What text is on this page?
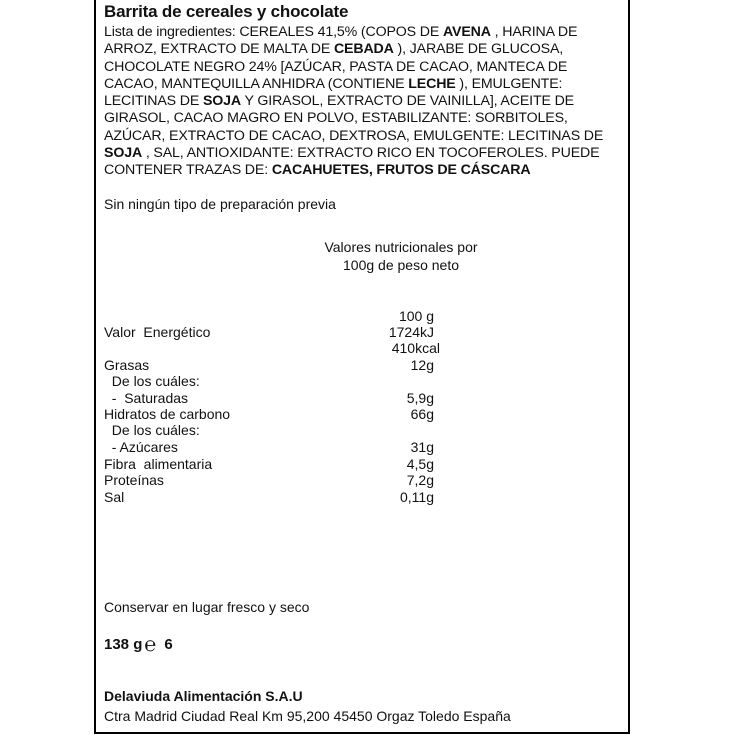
Barrita de cereales y chocolate
Lista de ingredientes: CEREALES 41,5% (COPOS DE AVENA , HARINA DE ARROZ, EXTRACTO DE MALTA DE CEBADA ), JARABE DE GLUCOSA, CHOCOLATE NEGRO 24% [AZÚCAR, PASTA DE CACAO, MANTECA DE CACAO, MANTEQUILLA ANHIDRA (CONTIENE LECHE ), EMULGENTE: LECITINAS DE SOJA Y GIRASOL, EXTRACTO DE VAINILLA], ACEITE DE GIRASOL, CACAO MAGRO EN POLVO, ESTABILIZANTE: SORBITOLES, AZÚCAR, EXTRACTO DE CACAO, DEXTROSA, EMULGENTE: LECITINAS DE SOJA , SAL, ANTIOXIDANTE: EXTRACTO RICO EN TOCOFEROLES. PUEDE CONTENER TRAZAS DE: CACAHUETES, FRUTOS DE CÁSCARA
Sin ningún tipo de preparación previa
Valores nutricionales por
100g de peso neto
100 g
Valor  Energético	1724kJ
410kcal
Grasas	12g
De los cuáles:
-  Saturadas	5,9g
Hidratos de carbono	66g
De los cuáles:
- Azúcares	31g
Fibra  alimentaria	4,5g
Proteínas	7,2g
Sal	0,11g
Conservar en lugar fresco y seco
138 g ℮ 6
Delaviuda Alimentación S.A.U
Ctra Madrid Ciudad Real Km 95,200 45450 Orgaz Toledo España
